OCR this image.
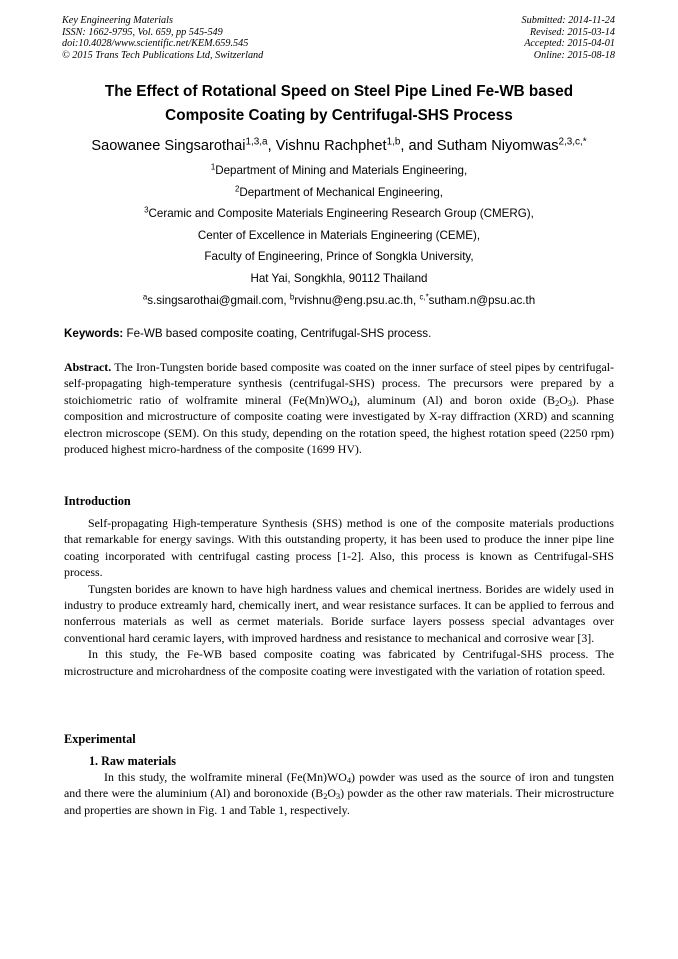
Key Engineering Materials
ISSN: 1662-9795, Vol. 659, pp 545-549
doi:10.4028/www.scientific.net/KEM.659.545
© 2015 Trans Tech Publications Ltd, Switzerland
Submitted: 2014-11-24
Revised: 2015-03-14
Accepted: 2015-04-01
Online: 2015-08-18
The Effect of Rotational Speed on Steel Pipe Lined Fe-WB based
Composite Coating by Centrifugal-SHS Process
Saowanee Singsarothai$^{1,3,a}$, Vishnu Rachphet$^{1,b}$, and Sutham Niyomwas$^{2,3,c,*}$
$^1$Department of Mining and Materials Engineering,
$^2$Department of Mechanical Engineering,
$^3$Ceramic and Composite Materials Engineering Research Group (CMERG),
Center of Excellence in Materials Engineering (CEME),
Faculty of Engineering, Prince of Songkla University,
Hat Yai, Songkhla, 90112 Thailand
$^a$s.singsarothai@gmail.com, $^b$rvishnu@eng.psu.ac.th, $^{c,*}$sutham.n@psu.ac.th
Keywords: Fe-WB based composite coating, Centrifugal-SHS process.
Abstract. The Iron-Tungsten boride based composite was coated on the inner surface of steel pipes by centrifugal-self-propagating high-temperature synthesis (centrifugal-SHS) process. The precursors were prepared by a stoichiometric ratio of wolframite mineral $(Fe(Mn)WO_4)$, aluminum (Al) and boron oxide $(B_2O_3)$. Phase composition and microstructure of composite coating were investigated by X-ray diffraction (XRD) and scanning electron microscope (SEM). On this study, depending on the rotation speed, the highest rotation speed (2250 rpm) produced highest micro-hardness of the composite (1699 HV).
Introduction

Self-propagating High-temperature Synthesis (SHS) method is one of the composite materials productions that remarkable for energy savings. With this outstanding property, it has been used to produce the inner pipe line coating incorporated with centrifugal casting process [1-2]. Also, this process is known as Centrifugal-SHS process.

Tungsten borides are known to have high hardness values and chemical inertness. Borides are widely used in industry to produce extreamly hard, chemically inert, and wear resistance surfaces. It can be applied to ferrous and nonferrous materials as well as cermet materials. Boride surface layers possess special advantages over conventional hard ceramic layers, with improved hardness and resistance to mechanical and corrosive wear [3].

In this study, the Fe-WB based composite coating was fabricated by Centrifugal-SHS process. The microstructure and microhardness of the composite coating were investigated with the variation of rotation speed.

Experimental
1. Raw materials

In this study, the wolframite mineral $(Fe(Mn)WO_4)$ powder was used as the source of iron and tungsten and there were the aluminium (Al) and boronoxide $(B_2O_3)$ powder as the other raw materials. Their microstructure and properties are shown in Fig. 1 and Table 1, respectively.
